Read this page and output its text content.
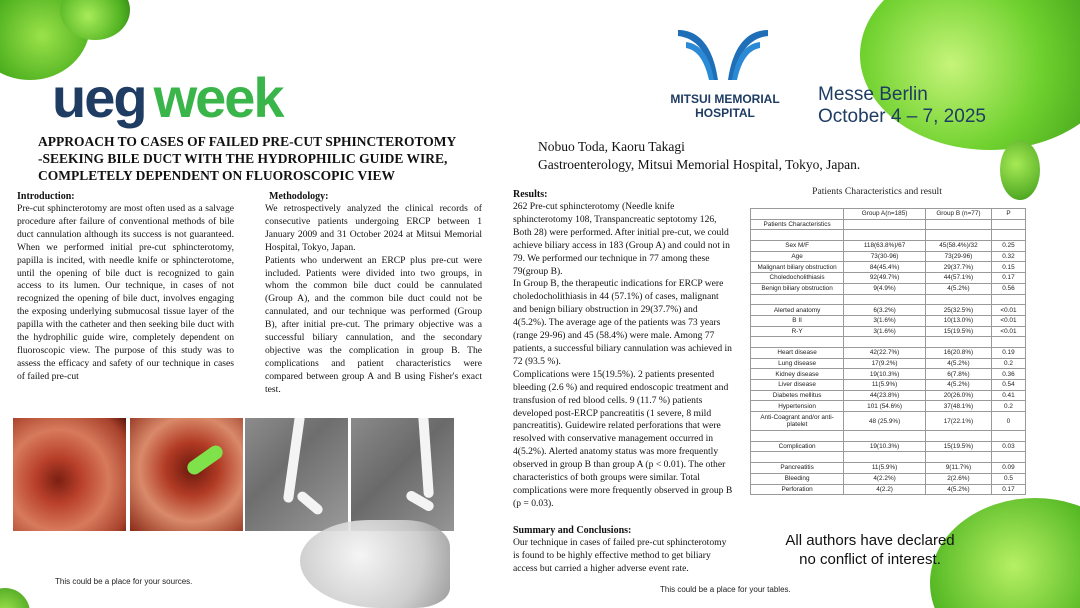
ueg week	MITSUI MEMORIAL
HOSPITAL
Messe Berlin
October 4 – 7, 2025
APPROACH TO CASES OF FAILED PRE-CUT SPHINCTEROTOMY
-SEEKING BILE DUCT WITH THE HYDROPHILIC GUIDE WIRE,
COMPLETELY DEPENDENT ON FLUOROSCOPIC VIEW
Nobuo Toda, Kaoru Takagi
Gastroenterology, Mitsui Memorial Hospital, Tokyo, Japan.
Introduction:
Pre-cut sphincterotomy are most often used as a salvage procedure after failure of conventional methods of bile duct cannulation although its success is not guaranteed. When we performed initial pre-cut sphincterotomy, papilla is incited, with needle knife or sphincterotome, until the opening of bile duct is recognized to gain access to its lumen. Our technique, in cases of not recognized the opening of bile duct, involves engaging the exposing underlying submucosal tissue layer of the papilla with the catheter and then seeking bile duct with the hydrophilic guide wire, completely dependent on fluoroscopic view. The purpose of this study was to assess the efficacy and safety of our technique in cases of failed pre-cut
Methodology:
We retrospectively analyzed the clinical records of consecutive patients undergoing ERCP between 1 January 2009 and 31 October 2024 at Mitsui Memorial Hospital, Tokyo, Japan.
Patients who underwent an ERCP plus pre-cut were included. Patients were divided into two groups, in whom the common bile duct could be cannulated (Group A), and the common bile duct could not be cannulated, and our technique was performed (Group B), after initial pre-cut. The primary objective was a successful biliary cannulation, and the secondary objective was the complication in group B. The complications and patient characteristics were compared between group A and B using Fisher's exact test.
Results:
262 Pre-cut sphincterotomy (Needle knife sphincterotomy 108, Transpancreatic septotomy 126, Both 28) were performed. After initial pre-cut, we could achieve biliary access in 183 (Group A) and could not in 79. We performed our technique in 77 among these 79(group B).
In Group B, the therapeutic indications for ERCP were choledocholithiasis in 44 (57.1%) of cases, malignant and benign biliary obstruction in 29(37.7%) and 4(5.2%). The average age of the patients was 73 years (range 29-96) and 45 (58.4%) were male. Among 77 patients, a successful biliary cannulation was achieved in 72 (93.5 %).
Complications were 15(19.5%). 2 patients presented bleeding (2.6 %) and required endoscopic treatment and transfusion of red blood cells. 9 (11.7 %) patients developed post-ERCP pancreatitis (1 severe, 8 mild pancreatitis). Guidewire related perforations that were resolved with conservative management occurred in 4(5.2%). Alerted anatomy status was more frequently observed in group B than group A (p < 0.01). The other characteristics of both groups were similar. Total complications were more frequently observed in group B (p = 0.03).
Summary and Conclusions:
Our technique in cases of failed pre-cut sphincterotomy is found to be highly effective method to get biliary access but carried a higher adverse event rate.
Patients Characteristics and result
	Group A(n=185)	Group B (n=77)	P
Patients Characteristics			

Sex M/F	118(63.8%)/67	45(58.4%)/32	0.25
Age	73(30-96)	73(29-96)	0.32
Malignant biliary obstruction	84(45.4%)	29(37.7%)	0.15
Choledocholithiasis	92(49.7%)	44(57.1%)	0.17
Benign biliary obstruction	9(4.9%)	4(5.2%)	0.56

Alerted anatomy	6(3.2%)	25(32.5%)	<0.01
B II	3(1.6%)	10(13.0%)	<0.01
R-Y	3(1.6%)	15(19.5%)	<0.01

Heart disease	42(22.7%)	16(20.8%)	0.19
Lung disease	17(9.2%)	4(5.2%)	0.2
Kidney disease	19(10.3%)	6(7.8%)	0.36
Liver disease	11(5.9%)	4(5.2%)	0.54
Diabetes mellitus	44(23.8%)	20(26.0%)	0.41
Hypertension	101 (54.6%)	37(48.1%)	0.2
Anti-Coagrant and/or anti-platelet	48 (25.9%)	17(22.1%)	0

Complication	19(10.3%)	15(19.5%)	0.03

Pancreatitis	11(5.9%)	9(11.7%)	0.09
Bleeding	4(2.2%)	2(2.6%)	0.5
Perforation	4(2.2)	4(5.2%)	0.17
All authors have declared
no conflict of interest.
This could be a place for your sources.
This could be a place for your tables.
